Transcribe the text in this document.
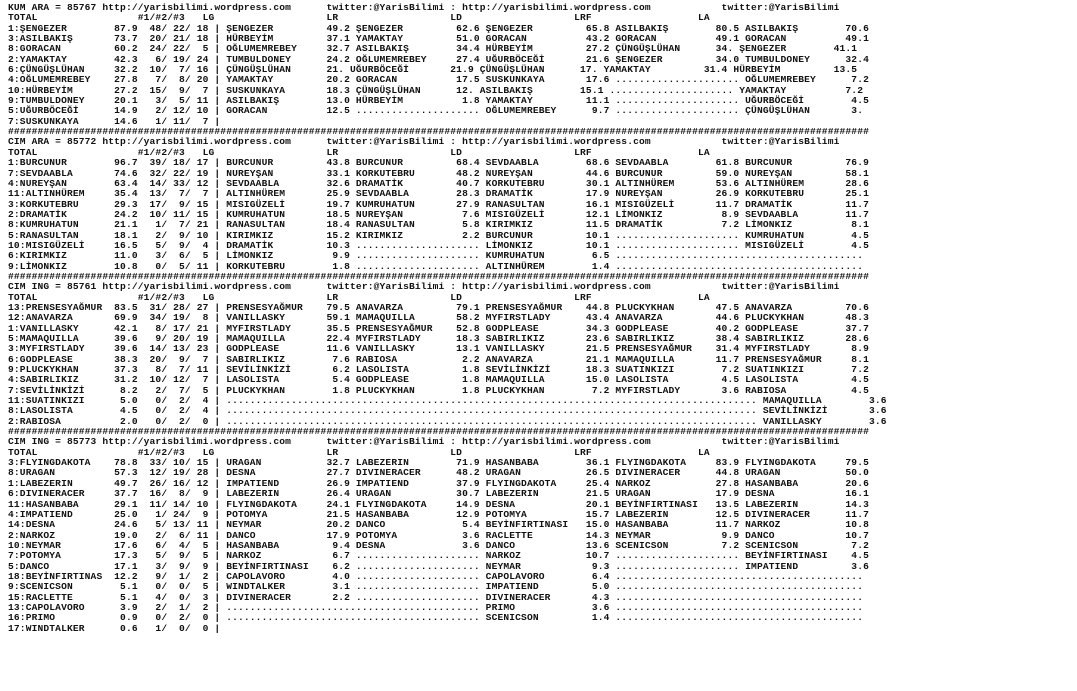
KUM ARA = 85767 http://yarisbilimi.wordpress.com      twitter:@YarisBilimi : http://yarisbilimi.wordpress.com            twitter:@YarisBilimi
TOTAL                 #1/#2/#3   LG                   LR                   LD                   LRF                  LA
1:ŞENGEZER        87.9  48/ 22/ 18 | ŞENGEZER         49.2 ŞENGEZER         62.6 ŞENGEZER         65.8 ASILBAKIŞ        80.5 ASILBAKIŞ        70.6
3:ASILBAKIŞ       73.7  20/ 21/ 18 | HÜRBEYİM         37.1 YAMAKTAY         51.0 GORACAN          43.2 GORACAN          49.1 GORACAN          49.1
8:GORACAN         60.2  24/ 22/  5 | OĞLUMEMREBEY     32.7 ASILBAKIŞ        34.4 HÜRBEYİM         27.2 ÇÜNGÜŞLÜHAN      34. ŞENGEZER        41.1
2:YAMAKTAY        42.3   6/ 19/ 24 | TUMBULDONEY      24.2 OĞLUMEMREBEY     27.4 UĞURBÖCEĞİ       21.6 ŞENGEZER         34.0 TUMBULDONEY      32.4
6:ÇÜNGÜŞLÜHAN     32.2  10/  7/ 16 | ÇÜNGÜŞLÜHAN      21. UĞURBÖCEĞİ       21.9 ÇÜNGÜŞLÜHAN      17. YAMAKTAY         31.4 HÜRBEYİM         13.5
4:OĞLUMEMREBEY    27.8   7/  8/ 20 | YAMAKTAY         20.2 GORACAN          17.5 SUSKUNKAYA       17.6 ..................... OĞLUMEMREBEY      7.2
10:HÜRBEYİM       27.2  15/  9/  7 | SUSKUNKAYA       18.3 ÇÜNGÜŞLÜHAN      12. ASILBAKIŞ        15.1 ..................... YAMAKTAY          7.2
9:TUMBULDONEY     20.1   3/  5/ 11 | ASILBAKIŞ        13.0 HÜRBEYİM          1.8 YAMAKTAY         11.1 ..................... UĞURBÖCEĞİ        4.5
5:UĞURBÖCEĞİ      14.9   2/ 12/ 10 | GORACAN          12.5 ..................... OĞLUMEMREBEY      9.7 ..................... ÇÜNGÜŞLÜHAN       3.
7:SUSKUNKAYA      14.6   1/ 11/  7 |
##################################################################################################################################################
CIM ARA = 85772 http://yarisbilimi.wordpress.com      twitter:@YarisBilimi : http://yarisbilimi.wordpress.com            twitter:@YarisBilimi
TOTAL                 #1/#2/#3   LG                   LR                   LD                   LRF                  LA
1:BURCUNUR        96.7  39/ 18/ 17 | BURCUNUR         43.8 BURCUNUR         68.4 SEVDAABLA        68.6 SEVDAABLA        61.8 BURCUNUR         76.9
7:SEVDAABLA       74.6  32/ 22/ 19 | NUREYŞAN         33.1 KORKUTEBRU       48.2 NUREYŞAN         44.6 BURCUNUR         59.0 NUREYŞAN         58.1
4:NUREYŞAN        63.4  14/ 33/ 12 | SEVDAABLA        32.6 DRAMATİK         40.7 KORKUTEBRU       30.1 ALTINHÜREM       53.6 ALTINHÜREM       28.6
11:ALTINHÜREM     35.4  13/  7/  7 | ALTINHÜREM       25.9 SEVDAABLA        28.3 DRAMATİK         17.9 NUREYŞAN         26.9 KORKUTEBRU       25.1
3:KORKUTEBRU      29.3  17/  9/ 15 | MISIGÜZELİ       19.7 KUMRUHATUN       27.9 RANASULTAN       16.1 MISIGÜZELİ       11.7 DRAMATİK         11.7
2:DRAMATİK        24.2  10/ 11/ 15 | KUMRUHATUN       18.5 NUREYŞAN          7.6 MISIGÜZELİ       12.1 LİMONKIZ          8.9 SEVDAABLA        11.7
8:KUMRUHATUN      21.1   1/  7/ 21 | RANASULTAN       18.4 RANASULTAN        5.8 KIRIMKIZ         11.5 DRAMATİK          7.2 LİMONKIZ          8.1
5:RANASULTAN      18.1   2/  9/ 10 | KIRIMKIZ         15.2 KIRIMKIZ          2.2 BURCUNUR         10.1 ..................... KUMRUHATUN        4.5
10:MISIGÜZELİ     16.5   5/  9/  4 | DRAMATİK         10.3 ..................... LİMONKIZ         10.1 ..................... MISIGÜZELİ        4.5
6:KIRIMKIZ        11.0   3/  6/  5 | LİMONKIZ          9.9 ..................... KUMRUHATUN        6.5 ..........................................
9:LİMONKIZ        10.8   0/  5/ 11 | KORKUTEBRU        1.8 ..................... ALTINHÜREM        1.4 ..........................................
##################################################################################################################################################
CIM ING = 85761 http://yarisbilimi.wordpress.com      twitter:@YarisBilimi : http://yarisbilimi.wordpress.com            twitter:@YarisBilimi
TOTAL                 #1/#2/#3   LG                   LR                   LD                   LRF                  LA
13:PRENSESYAĞMUR  83.5  31/ 28/ 27 | PRENSESYAĞMUR    79.5 ANAVARZA         79.1 PRENSESYAĞMUR    44.8 PLUCKYKHAN       47.5 ANAVARZA         70.6
12:ANAVARZA       69.9  34/ 19/  8 | VANILLASKY       59.1 MAMAQUILLA       58.2 MYFIRSTLADY      43.4 ANAVARZA         44.6 PLUCKYKHAN       48.3
1:VANILLASKY      42.1   8/ 17/ 21 | MYFIRSTLADY      35.5 PRENSESYAĞMUR    52.8 GODPLEASE        34.3 GODPLEASE        40.2 GODPLEASE        37.7
5:MAMAQUILLA      39.6   9/ 20/ 19 | MAMAQUILLA       22.4 MYFIRSTLADY      18.3 SABIRLIKIZ       23.6 SABIRLIKIZ       38.4 SABIRLIKIZ       28.6
3:MYFIRSTLADY     39.6  14/ 13/ 23 | GODPLEASE        11.6 VANILLASKY       13.1 VANILLASKY       21.5 PRENSESYAĞMUR    31.4 MYFIRSTLADY       8.9
6:GODPLEASE       38.3  20/  9/  7 | SABIRLIKIZ        7.6 RABIOSA           2.2 ANAVARZA         21.1 MAMAQUILLA       11.7 PRENSESYAĞMUR     8.1
9:PLUCKYKHAN      37.3   8/  7/ 11 | SEVİLİNKİZİ       6.2 LASOLISTA         1.8 SEVİLİNKİZİ      18.3 SUATINKIZI        7.2 SUATINKIZI        7.2
4:SABIRLIKIZ      31.2  10/ 12/  7 | LASOLISTA         5.4 GODPLEASE         1.8 MAMAQUILLA       15.0 LASOLISTA         4.5 LASOLISTA         4.5
7:SEVİLİNKİZİ      8.2   2/  7/  5 | PLUCKYKHAN        1.8 PLUCKYKHAN        1.8 PLUCKYKHAN        7.2 MYFIRSTLADY       3.6 RABIOSA           4.5
11:SUATINKIZI      5.0   0/  2/  4 | .......................................................................................... MAMAQUILLA        3.6
8:LASOLISTA        4.5   0/  2/  4 | .......................................................................................... SEVİLİNKİZİ       3.6
2:RABIOSA          2.0   0/  2/  0 | .......................................................................................... VANILLASKY        3.6
##################################################################################################################################################
CIM ING = 85773 http://yarisbilimi.wordpress.com      twitter:@YarisBilimi : http://yarisbilimi.wordpress.com            twitter:@YarisBilimi
TOTAL                 #1/#2/#3   LG                   LR                   LD                   LRF                  LA
3:FLYINGDAKOTA    78.8  33/ 10/ 15 | URAGAN           32.7 LABEZERIN        71.9 HASANBABA        36.1 FLYINGDAKOTA     83.9 FLYINGDAKOTA     79.5
8:URAGAN          57.3  12/ 19/ 28 | DESNA            27.7 DIVINERACER      48.2 URAGAN           26.5 DIVINERACER      44.8 URAGAN           50.0
1:LABEZERIN       49.7  26/ 16/ 12 | IMPATIEND        26.9 IMPATIEND        37.9 FLYINGDAKOTA     25.4 NARKOZ           27.8 HASANBABA        20.6
6:DIVINERACER     37.7  16/  8/  9 | LABEZERIN        26.4 URAGAN           30.7 LABEZERIN        21.5 URAGAN           17.9 DESNA            16.1
11:HASANBABA      29.1  11/ 14/ 10 | FLYINGDAKOTA     24.1 FLYINGDAKOTA     14.9 DESNA            20.1 BEYİNFIRTINASI   13.5 LABEZERIN        14.3
4:IMPATIEND       25.0   1/ 24/  9 | POTOMYA          21.5 HASANBABA        12.9 POTOMYA          15.7 LABEZERIN        12.5 DIVINERACER      11.7
14:DESNA          24.6   5/ 13/ 11 | NEYMAR           20.2 DANCO             5.4 BEYİNFIRTINASI   15.0 HASANBABA        11.7 NARKOZ           10.8
2:NARKOZ          19.0   2/  6/ 11 | DANCO            17.9 POTOMYA           3.6 RACLETTE         14.3 NEYMAR            9.9 DANCO            10.7
10:NEYMAR         17.6   6/  4/  5 | HASANBABA         9.4 DESNA             3.6 DANCO            13.6 SCENICSON         7.2 SCENICSON         7.2
7:POTOMYA         17.3   5/  9/  5 | NARKOZ            6.7 ..................... NARKOZ           10.7 ..................... BEYİNFIRTINASI    4.5
5:DANCO           17.1   3/  9/  9 | BEYİNFIRTINASI    6.2 ..................... NEYMAR            9.3 ..................... IMPATIEND         3.6
18:BEYİNFIRTINAS  12.2   9/  1/  2 | CAPOLAVORO        4.0 ..................... CAPOLAVORO        6.4 ..........................................
9:SCENICSON        5.1   0/  0/  5 | WINDTALKER        3.1 ..................... IMPATIEND         5.0 ..........................................
15:RACLETTE        5.1   4/  0/  3 | DIVINERACER       2.2 ..................... DIVINERACER       4.3 ..........................................
13:CAPOLAVORO      3.9   2/  1/  2 | ........................................... PRIMO             3.6 ..........................................
16:PRIMO           0.9   0/  2/  0 | ........................................... SCENICSON         1.4 ..........................................
17:WINDTALKER      0.6   1/  0/  0 |
